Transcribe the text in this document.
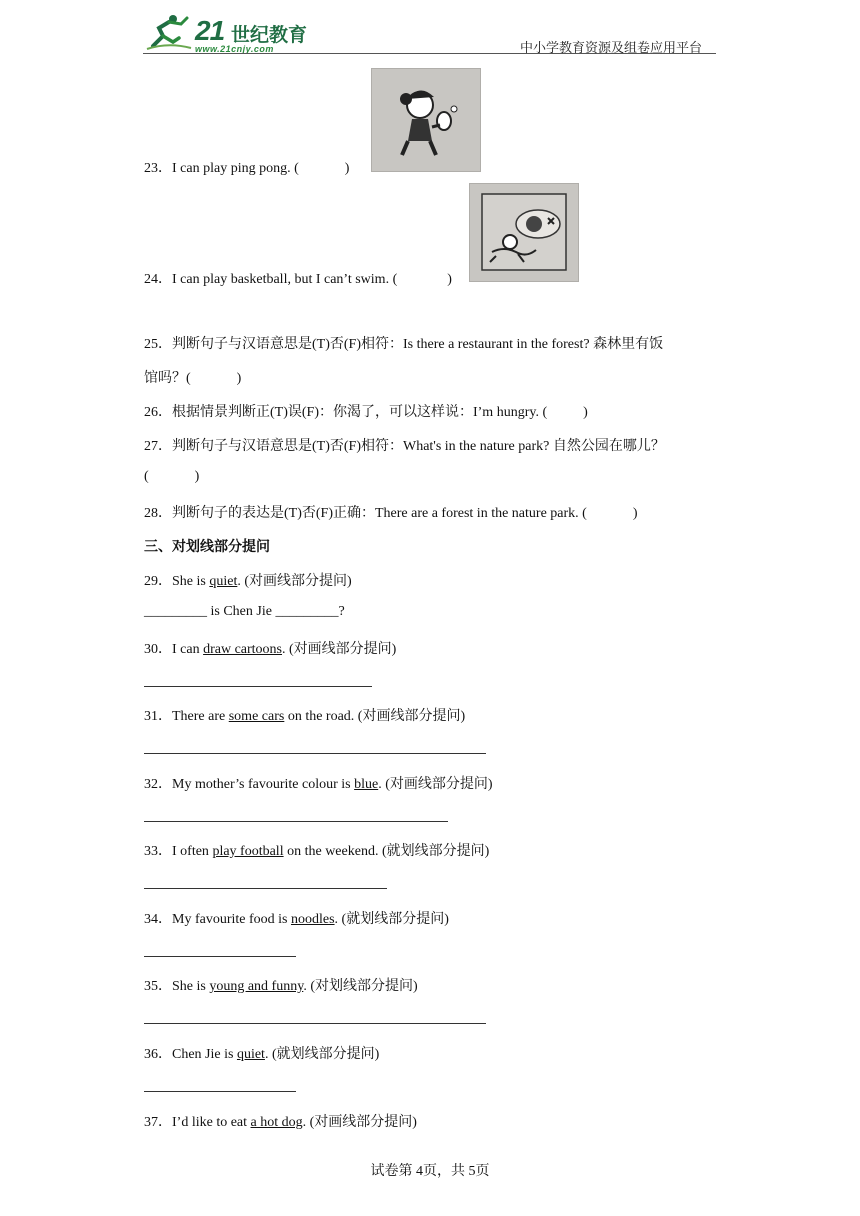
21 世纪教育
www.21cnjy.com	中小学教育资源及组卷应用平台
23．I can play ping pong. (	)
24．I can play basketball, but I can’t swim. (	)
25．判断句子与汉语意思是(T)否(F)相符：Is there a restaurant in the forest? 森林里有饭
馆吗？(	)
26．根据情景判断正(T)误(F)：你渴了，可以这样说：I’m hungry. (	)
27．判断句子与汉语意思是(T)否(F)相符：What's in the nature park? 自然公园在哪儿？
(	)
28．判断句子的表达是(T)否(F)正确：There are a forest in the nature park. (	)
三、对划线部分提问
29．She is quiet. (对画线部分提问)
_________ is Chen Jie _________?
30．I can draw cartoons. (对画线部分提问)
31．There are some cars on the road. (对画线部分提问)
32．My mother’s favourite colour is blue. (对画线部分提问)
33．I often play football on the weekend. (就划线部分提问)
34．My favourite food is noodles. (就划线部分提问)
35．She is young and funny. (对划线部分提问)
36．Chen Jie is quiet. (就划线部分提问)
37．I’d like to eat a hot dog. (对画线部分提问)
试卷第 4页，共 5页
